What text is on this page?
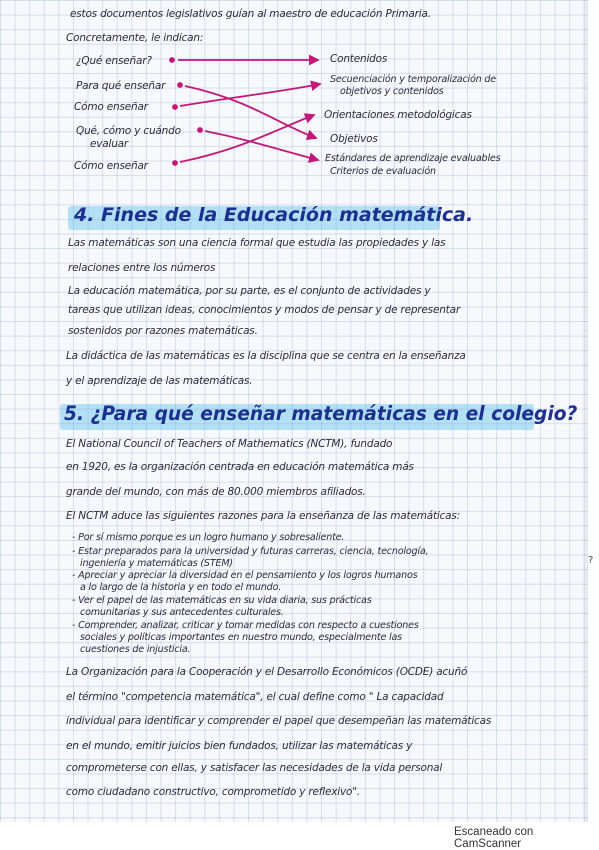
estos documentos legislativos guían al maestro de educación Primaria.
Concretamente, le indican:
¿Qué enseñar?
Para qué enseñar
Cómo enseñar
Qué, cómo y cuándo
evaluar
Cómo enseñar
Contenidos
Secuenciación y temporalización de
objetivos y contenidos
Orientaciones metodológicas
Objetivos
Estándares de aprendizaje evaluables
Criterios de evaluación
4. Fines de la Educación matemática.
Las matemáticas son una ciencia formal que estudia las propiedades y las
relaciones entre los números
La educación matemática, por su parte, es el conjunto de actividades y
tareas que utilizan ideas, conocimientos y modos de pensar y de representar
sostenidos por razones matemáticas.
La didáctica de las matemáticas es la disciplina que se centra en la enseñanza
y el aprendizaje de las matemáticas.
5. ¿Para qué enseñar matemáticas en el colegio?
El National Council of Teachers of Mathematics (NCTM), fundado
en 1920, es la organización centrada en educación matemática más
grande del mundo, con más de 80.000 miembros afiliados.
El NCTM aduce las siguientes razones para la enseñanza de las matemáticas:
- Por sí mismo porque es un logro humano y sobresaliente.
- Estar preparados para la universidad y futuras carreras, ciencia, tecnología,
ingeniería y matemáticas (STEM)
- Apreciar y apreciar la diversidad en el pensamiento y los logros humanos
a lo largo de la historia y en todo el mundo.
- Ver el papel de las matemáticas en su vida diaria, sus prácticas
comunitarias y sus antecedentes culturales.
- Comprender, analizar, criticar y tomar medidas con respecto a cuestiones
sociales y políticas importantes en nuestro mundo, especialmente las
cuestiones de injusticia.
La Organización para la Cooperación y el Desarrollo Económicos (OCDE) acuñó
el término "competencia matemática", el cual define como " La capacidad
individual para identificar y comprender el papel que desempeñan las matemáticas
en el mundo, emitir juicios bien fundados, utilizar las matemáticas y
comprometerse con ellas, y satisfacer las necesidades de la vida personal
como ciudadano constructivo, comprometido y reflexivo".
?
Escaneado con CamScanner
